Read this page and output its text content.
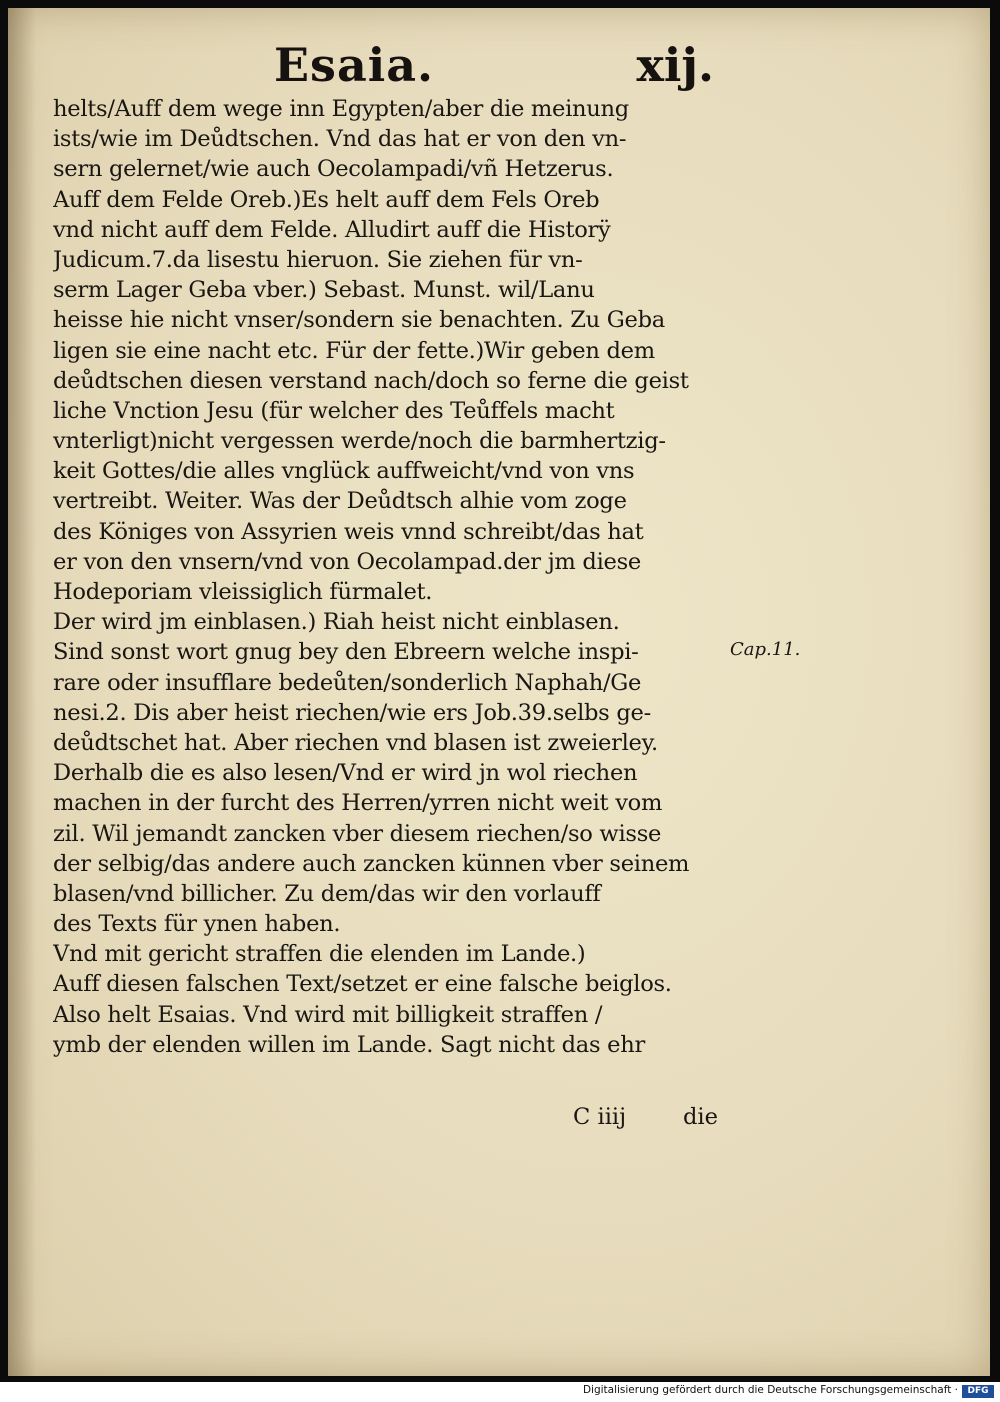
Esaia.	xij.
helts/Auff dem wege inn Egypten/aber die meinung
ists/wie im Deůdtschen. Vnd das hat er von den vn-
sern gelernet/wie auch Oecolampadi/vñ Hetzerus.
Auff dem Felde Oreb.)Es helt auff dem Fels Oreb
vnd nicht auff dem Felde. Alludirt auff die Historÿ
Judicum.7.da lisestu hieruon. Sie ziehen für vn-
serm Lager Geba vber.) Sebast. Munst. wil/Lanu
heisse hie nicht vnser/sondern sie benachten. Zu Geba
ligen sie eine nacht etc. Für der fette.)Wir geben dem
deůdtschen diesen verstand nach/doch so ferne die geist
liche Vnction Jesu (für welcher des Teůffels macht
vnterligt)nicht vergessen werde/noch die barmhertzig-
keit Gottes/die alles vnglück auffweicht/vnd von vns
vertreibt. Weiter. Was der Deůdtsch alhie vom zoge
des Königes von Assyrien weis vnnd schreibt/das hat
er von den vnsern/vnd von Oecolampad.der jm diese
Hodeporiam vleissiglich fürmalet.
Der wird jm einblasen.) Riah heist nicht einblasen.
Sind sonst wort gnug bey den Ebreern welche inspi-
rare oder insufflare bedeůten/sonderlich Naphah/Ge
nesi.2. Dis aber heist riechen/wie ers Job.39.selbs ge-
deůdtschet hat. Aber riechen vnd blasen ist zweierley.
Derhalb die es also lesen/Vnd er wird jn wol riechen
machen in der furcht des Herren/yrren nicht weit vom
zil. Wil jemandt zancken vber diesem riechen/so wisse
der selbig/das andere auch zancken künnen vber seinem
blasen/vnd billicher. Zu dem/das wir den vorlauff
des Texts für ynen haben.
Vnd mit gericht straffen die elenden im Lande.)
Auff diesen falschen Text/setzet er eine falsche beiglos.
Also helt Esaias. Vnd wird mit billigkeit straffen /
ymb der elenden willen im Lande. Sagt nicht das ehr
Cap.11.
C iiij	die
Digitalisierung gefördert durch die Deutsche Forschungsgemeinschaft ·	DFG
